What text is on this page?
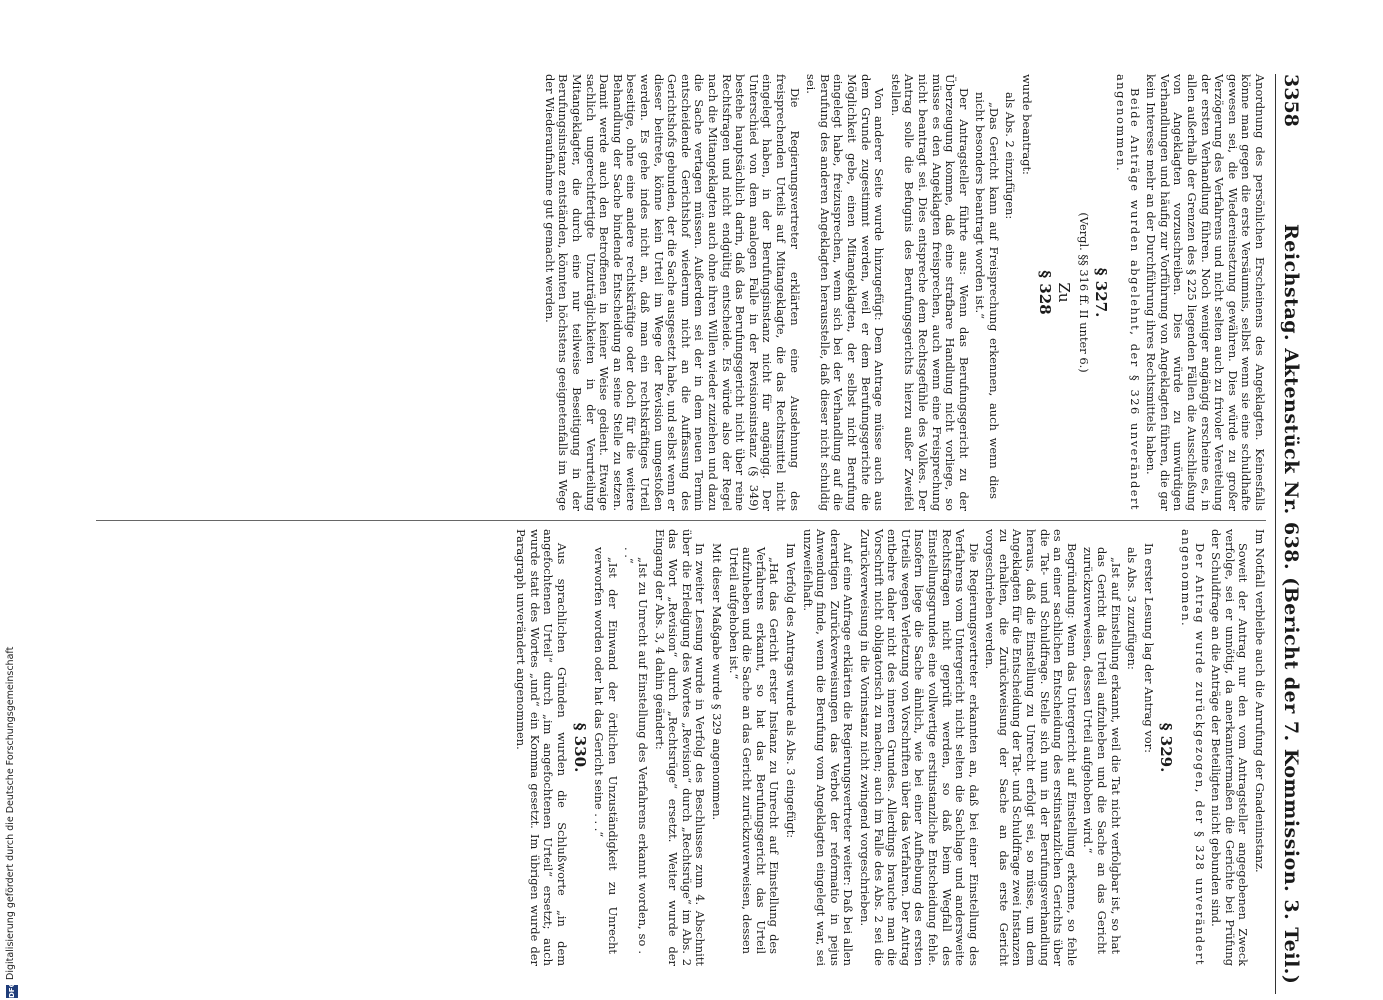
3358
Reichstag. Aktenstück Nr. 638. (Bericht der 7. Kommission. 3. Teil.)

Anordnung des persönlichen Erscheinens des Angeklagten. Keinesfalls könne man gegen die erste Versäumnis, selbst wenn sie eine schuldhafte gewesen sei, die Wiedereinsetzung gewähren. Dies würde zu großer Verzögerung des Verfahrens und nicht selten auch zu frivoler Vereitelung der ersten Verhandlung führen. Noch weniger angängig erscheine es, in allen außerhalb der Grenzen des § 225 liegenden Fällen die Ausschließung von Angeklagten vorzuschreiben. Dies würde zu unwürdigen Verhandlungen und häufig zur Vorführung von Angeklagten führen, die gar kein Interesse mehr an der Durchführung ihres Rechtsmittels haben.

Beide Anträge wurden abgelehnt, der § 326 unverändert angenommen.

§ 327.
(Vergl. §§ 316 ff. II unter 6.)
Zu
§ 328

wurde beantragt:

als Abs. 2 einzufügen:

„Das Gericht kann auf Freisprechung erkennen, auch wenn dies nicht besonders beantragt worden ist.“

Der Antragsteller führte aus: Wenn das Berufungsgericht zu der Überzeugung komme, daß eine strafbare Handlung nicht vorliege, so müsse es den Angeklagten freisprechen, auch wenn eine Freisprechung nicht beantragt sei. Dies entspreche dem Rechtsgefühle des Volkes. Der Antrag solle die Befugnis des Berufungsgerichts hierzu außer Zweifel stellen.

Von anderer Seite wurde hinzugefügt: Dem Antrage müsse auch aus dem Grunde zugestimmt werden, weil er dem Berufungsgerichte die Möglichkeit gebe, einen Mitangeklagten, der selbst nicht Berufung eingelegt habe, freizusprechen, wenn sich bei der Verhandlung auf die Berufung des anderen Angeklagten herausstelle, daß dieser nicht schuldig sei.

Die Regierungsvertreter erklärten eine Ausdehnung des freisprechenden Urteils auf Mitangeklagte, die das Rechtsmittel nicht eingelegt haben, in der Berufungsinstanz nicht für angängig. Der Unterschied von dem analogen Falle in der Revisionsinstanz (§ 349) bestehe hauptsächlich darin, daß das Berufungsgericht nicht über reine Rechtsfragen und nicht endgültig entscheide. Es würde also der Regel nach die Mitangeklagten auch ohne ihren Willen wieder zuziehen und dazu die Sache vertagen müssen. Außerdem sei der in dem neuen Termin entscheidende Gerichtshof wiederum nicht an die Auffassung des Gerichtshofs gebunden, der die Sache ausgesetzt habe, und selbst wenn er dieser beitrete, könne kein Urteil im Wege der Revision umgestoßen werden. Es gehe indes nicht an, daß man ein rechtskräftiges Urteil beseitige, ohne eine andere rechtskräftige oder doch für die weitere Behandlung der Sache bindende Entscheidung an seine Stelle zu setzen. Damit werde auch den Betroffenen in keiner Weise gedient. Etwaige sachlich ungerechtfertigte Unzuträglichkeiten in der Verurteilung Mitangeklagter, die durch eine nur teilweise Beseitigung in der Berufungsinstanz entständen, könnten höchstens geeignetenfalls im Wege der Wiederaufnahme gut gemacht werden.

Im Notfall verbleibe auch die Anrufung der Gnadeninstanz.

Soweit der Antrag nur den vom Antragsteller angegebenen Zweck verfolge, sei er unnötig, da anerkanntermaßen die Gerichte bei Prüfung der Schuldfrage an die Anträge der Beteiligten nicht gebunden sind.

Der Antrag wurde zurückgezogen, der § 328 unverändert angenommen.

§ 329.

In erster Lesung lag der Antrag vor:

als Abs. 3 zuzufügen:

„Ist auf Einstellung erkannt, weil die Tat nicht verfolgbar ist, so hat das Gericht das Urteil aufzuheben und die Sache an das Gericht zurückzuverweisen, dessen Urteil aufgehoben wird.“

Begründung: Wenn das Untergericht auf Einstellung erkenne, so fehle es an einer sachlichen Entscheidung des erstinstanzlichen Gerichts über die Tat- und Schuldfrage. Stelle sich nun in der Berufungsverhandlung heraus, daß die Einstellung zu Unrecht erfolgt sei, so müsse, um dem Angeklagten für die Entscheidung der Tat- und Schuldfrage zwei Instanzen zu erhalten, die Zurückweisung der Sache an das erste Gericht vorgeschrieben werden.

Die Regierungsvertreter erkannten an, daß bei einer Einstellung des Verfahrens vom Untergericht nicht selten die Sachlage und andersweite Rechtsfragen nicht geprüft werden, so daß beim Wegfall des Einstellungsgrundes eine vollwertige erstinstanzliche Entscheidung fehle. Insofern liege die Sache ähnlich, wie bei einer Aufhebung des ersten Urteils wegen Verletzung von Vorschriften über das Verfahren. Der Antrag entbehre daher nicht des inneren Grundes. Allerdings brauche man die Vorschrift nicht obligatorisch zu machen; auch im Falle des Abs. 2 sei die Zurückverweisung in die Vorinstanz nicht zwingend vorgeschrieben.

Auf eine Anfrage erklärten die Regierungsvertreter weiter: Daß bei allen derartigen Zurückverweisungen das Verbot der reformatio in pejus Anwendung finde, wenn die Berufung vom Angeklagten eingelegt war, sei unzweifelhaft.

Im Verfolg des Antrags wurde als Abs. 3 eingefügt:

„Hat das Gericht erster Instanz zu Unrecht auf Einstellung des Verfahrens erkannt, so hat das Berufungsgericht das Urteil aufzuheben und die Sache an das Gericht zurückzuverweisen, dessen Urteil aufgehoben ist.“

Mit dieser Maßgabe wurde § 329 angenommen.

In zweiter Lesung wurde in Verfolg des Beschlusses zum 4. Abschnitt über die Erledigung des Wortes „Revision“ durch „Rechtsrüge“ im Abs. 2 das Wort „Revision“ durch „Rechtsrüge“ ersetzt. Weiter wurde der Eingang der Abs. 3, 4 dahin geändert:

„Ist zu Unrecht auf Einstellung des Verfahrens erkannt worden, so . . .“

„Ist der Einwand der örtlichen Unzuständigkeit zu Unrecht verworfen worden oder hat das Gericht seine . . .“

§ 330.

Aus sprachlichen Gründen wurden die Schlußworte „in dem angefochtenen Urteil“ durch „im angefochtenen Urteil“ ersetzt; auch wurde statt des Wortes „und“ ein Komma gesetzt. Im übrigen wurde der Paragraph unverändert angenommen.

DFG
Digitalisierung gefördert durch die Deutsche Forschungsgemeinschaft
